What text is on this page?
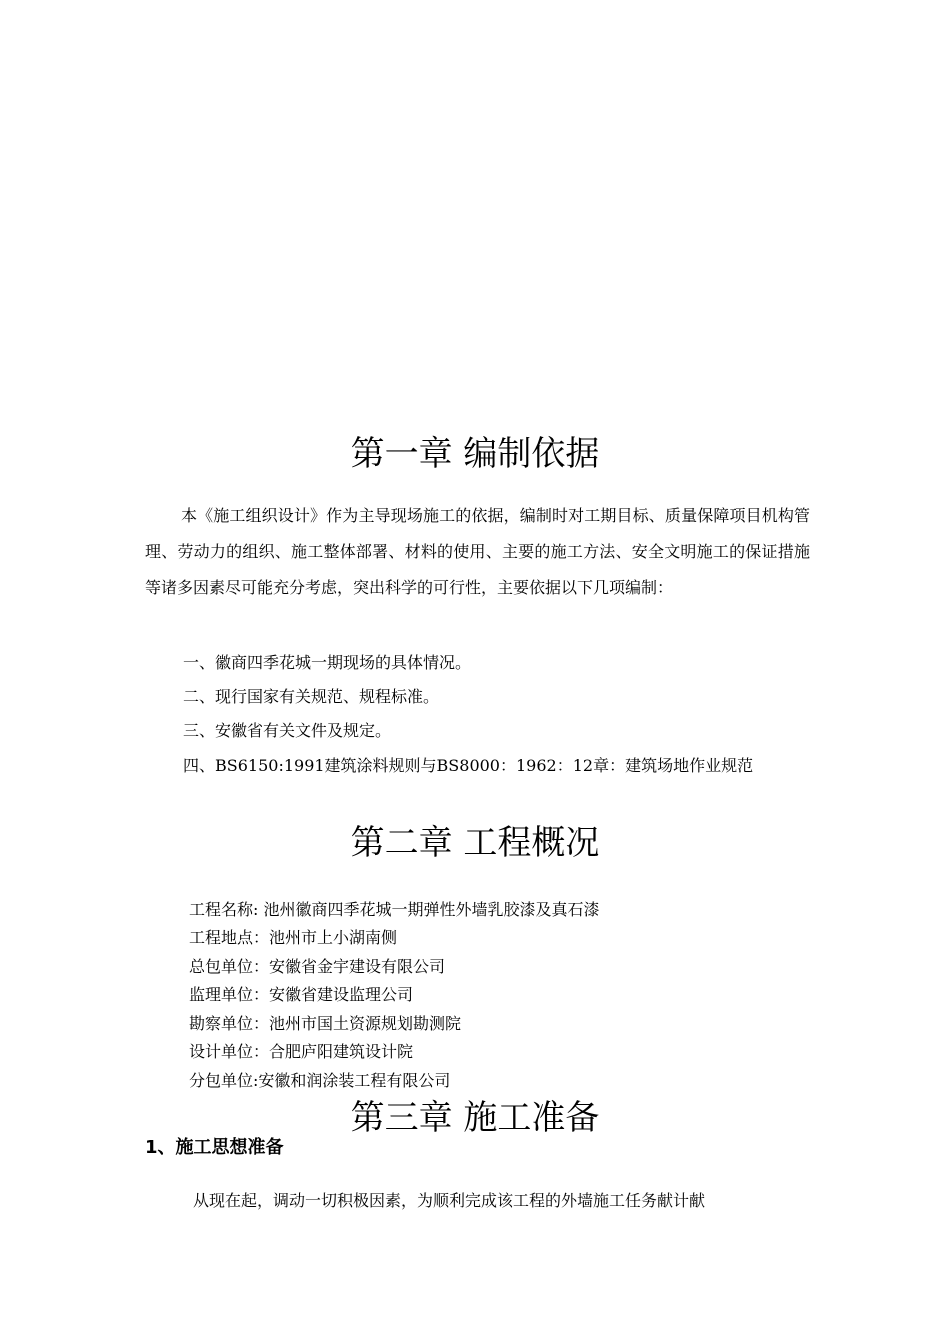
第一章 编制依据

本《施工组织设计》作为主导现场施工的依据，编制时对工期目标、质量保障项目机构管理、劳动力的组织、施工整体部署、材料的使用、主要的施工方法、安全文明施工的保证措施等诸多因素尽可能充分考虑，突出科学的可行性，主要依据以下几项编制：

一、徽商四季花城一期现场的具体情况。

二、现行国家有关规范、规程标准。

三、安徽省有关文件及规定。

四、BS6150:1991建筑涂料规则与BS8000：1962：12章：建筑场地作业规范

第二章 工程概况

工程名称: 池州徽商四季花城一期弹性外墙乳胶漆及真石漆

工程地点：池州市上小湖南侧

总包单位：安徽省金宇建设有限公司

监理单位：安徽省建设监理公司

勘察单位：池州市国土资源规划勘测院

设计单位：合肥庐阳建筑设计院

分包单位:安徽和润涂装工程有限公司

第三章 施工准备
1、施工思想准备

从现在起，调动一切积极因素，为顺利完成该工程的外墙施工任务献计献
